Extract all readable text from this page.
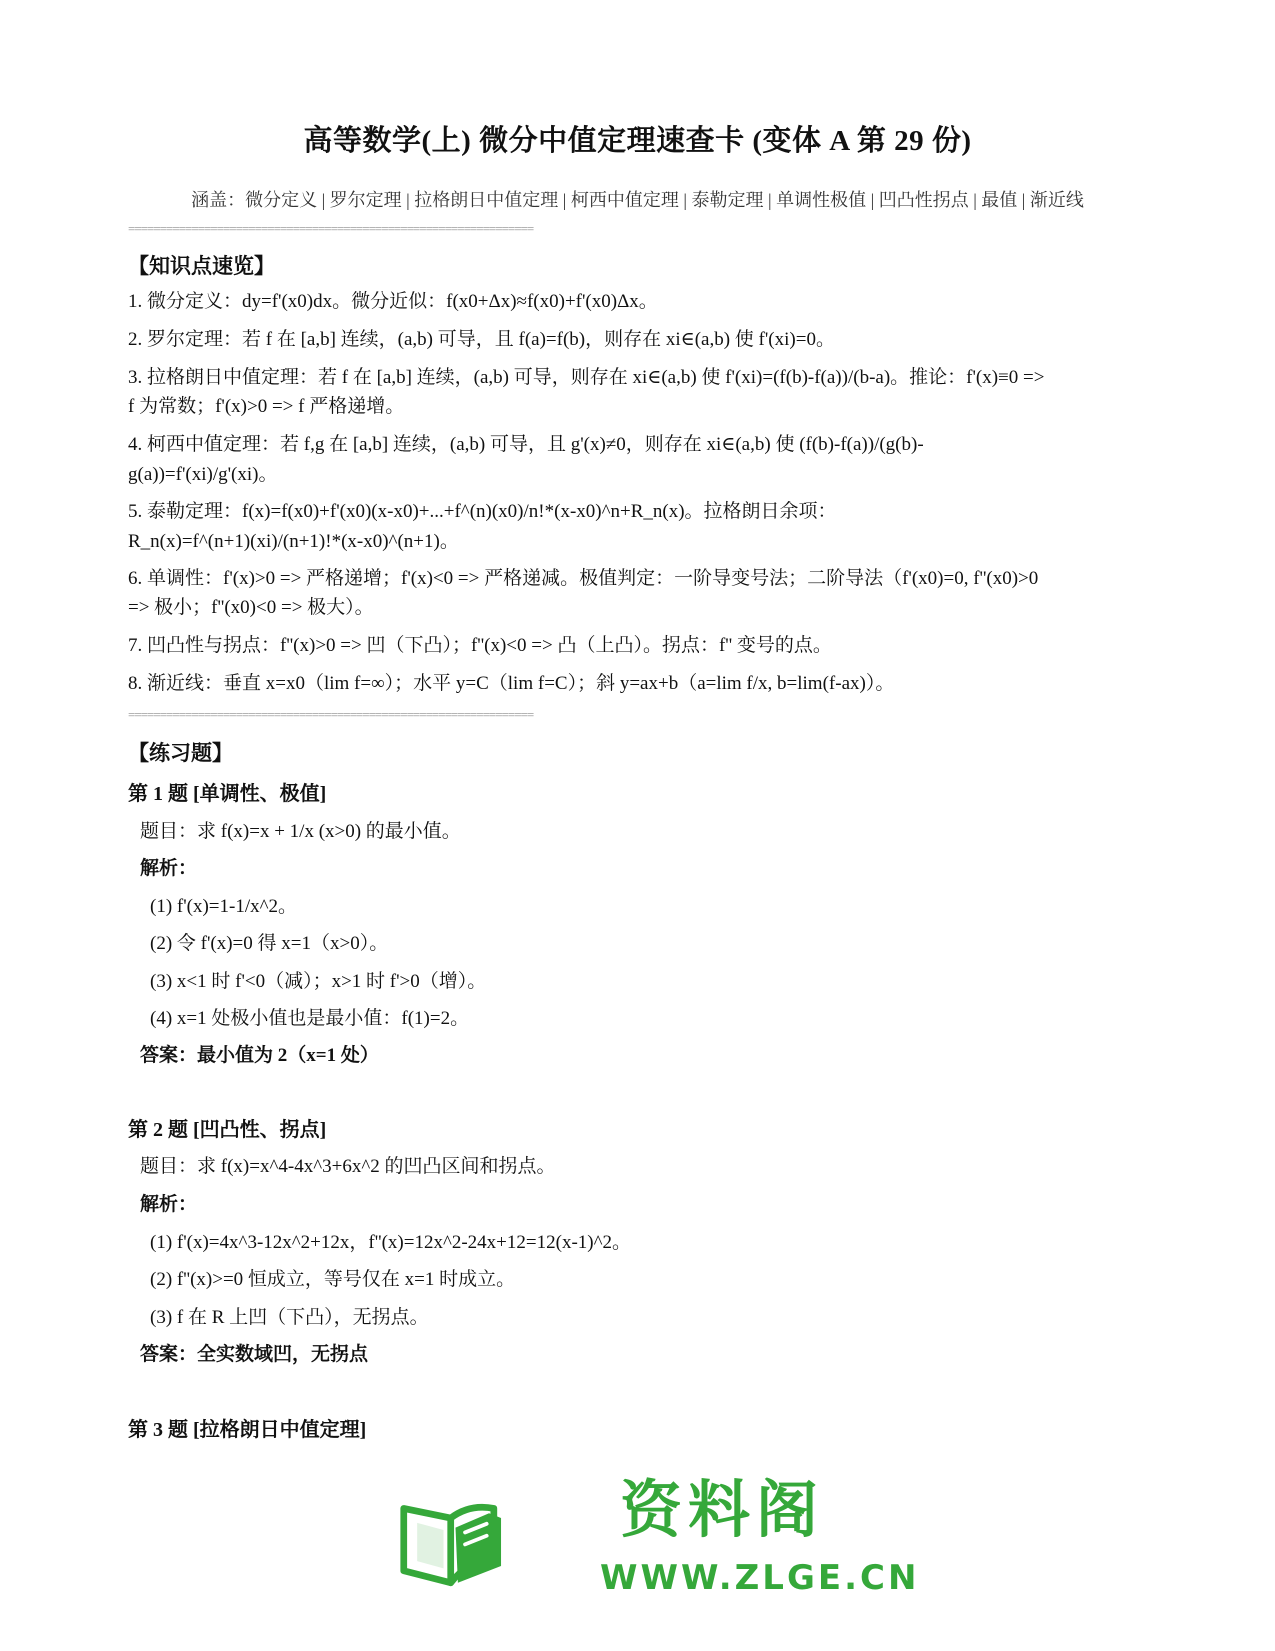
高等数学(上) 微分中值定理速查卡 (变体 A 第 29 份)
涵盖：微分定义 | 罗尔定理 | 拉格朗日中值定理 | 柯西中值定理 | 泰勒定理 | 单调性极值 | 凹凸性拐点 | 最值 | 渐近线
================================================================
【知识点速览】
1. 微分定义：dy=f'(x0)dx。微分近似：f(x0+Δx)≈f(x0)+f'(x0)Δx。
2. 罗尔定理：若 f 在 [a,b] 连续，(a,b) 可导，且 f(a)=f(b)，则存在 xi∈(a,b) 使 f'(xi)=0。
3. 拉格朗日中值定理：若 f 在 [a,b] 连续，(a,b) 可导，则存在 xi∈(a,b) 使 f'(xi)=(f(b)-f(a))/(b-a)。推论：f'(x)≡0 =>
f 为常数；f'(x)>0 => f 严格递增。
4. 柯西中值定理：若 f,g 在 [a,b] 连续，(a,b) 可导，且 g'(x)≠0，则存在 xi∈(a,b) 使 (f(b)-f(a))/(g(b)-
g(a))=f'(xi)/g'(xi)。
5. 泰勒定理：f(x)=f(x0)+f'(x0)(x-x0)+...+f^(n)(x0)/n!*(x-x0)^n+R_n(x)。拉格朗日余项：
R_n(x)=f^(n+1)(xi)/(n+1)!*(x-x0)^(n+1)。
6. 单调性：f'(x)>0 => 严格递增；f'(x)<0 => 严格递减。极值判定：一阶导变号法；二阶导法（f'(x0)=0, f''(x0)>0
=> 极小；f''(x0)<0 => 极大）。
7. 凹凸性与拐点：f''(x)>0 => 凹（下凸）；f''(x)<0 => 凸（上凸）。拐点：f'' 变号的点。
8. 渐近线：垂直 x=x0（lim f=∞）；水平 y=C（lim f=C）；斜 y=ax+b（a=lim f/x, b=lim(f-ax)）。
================================================================
【练习题】
第 1 题 [单调性、极值]
题目：求 f(x)=x + 1/x (x>0) 的最小值。
解析：
(1) f'(x)=1-1/x^2。
(2) 令 f'(x)=0 得 x=1（x>0）。
(3) x<1 时 f'<0（减）；x>1 时 f'>0（增）。
(4) x=1 处极小值也是最小值：f(1)=2。
答案：最小值为 2（x=1 处）
第 2 题 [凹凸性、拐点]
题目：求 f(x)=x^4-4x^3+6x^2 的凹凸区间和拐点。
解析：
(1) f'(x)=4x^3-12x^2+12x，f''(x)=12x^2-24x+12=12(x-1)^2。
(2) f''(x)>=0 恒成立，等号仅在 x=1 时成立。
(3) f 在 R 上凹（下凸），无拐点。
答案：全实数域凹，无拐点
第 3 题 [拉格朗日中值定理]
资料阁
WWW.ZLGE.CN
